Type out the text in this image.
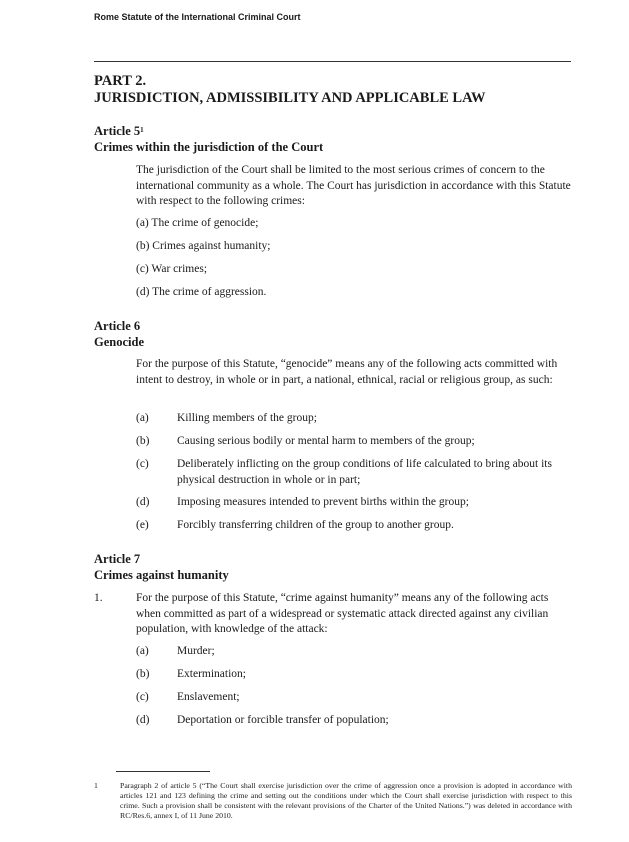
Rome Statute of the International Criminal Court
PART 2.
JURISDICTION, ADMISSIBILITY AND APPLICABLE LAW
Article $5^1$
Crimes within the jurisdiction of the Court
The jurisdiction of the Court shall be limited to the most serious crimes of concern to the international community as a whole. The Court has jurisdiction in accordance with this Statute with respect to the following crimes:
(a) The crime of genocide;
(b) Crimes against humanity;
(c) War crimes;
(d) The crime of aggression.
Article 6
Genocide
For the purpose of this Statute, “genocide” means any of the following acts committed with intent to destroy, in whole or in part, a national, ethnical, racial or religious group, as such:
(a) Killing members of the group;
(b) Causing serious bodily or mental harm to members of the group;
(c) Deliberately inflicting on the group conditions of life calculated to bring about its physical destruction in whole or in part;
(d) Imposing measures intended to prevent births within the group;
(e) Forcibly transferring children of the group to another group.
Article 7
Crimes against humanity
1.	For the purpose of this Statute, “crime against humanity” means any of the following acts when committed as part of a widespread or systematic attack directed against any civilian population, with knowledge of the attack:
(a) Murder;
(b) Extermination;
(c) Enslavement;
(d) Deportation or forcible transfer of population;
1	Paragraph 2 of article 5 (“The Court shall exercise jurisdiction over the crime of aggression once a provision is adopted in accordance with articles 121 and 123 defining the crime and setting out the conditions under which the Court shall exercise jurisdiction with respect to this crime. Such a provision shall be consistent with the relevant provisions of the Charter of the United Nations.”) was deleted in accordance with RC/Res.6, annex I, of 11 June 2010.
